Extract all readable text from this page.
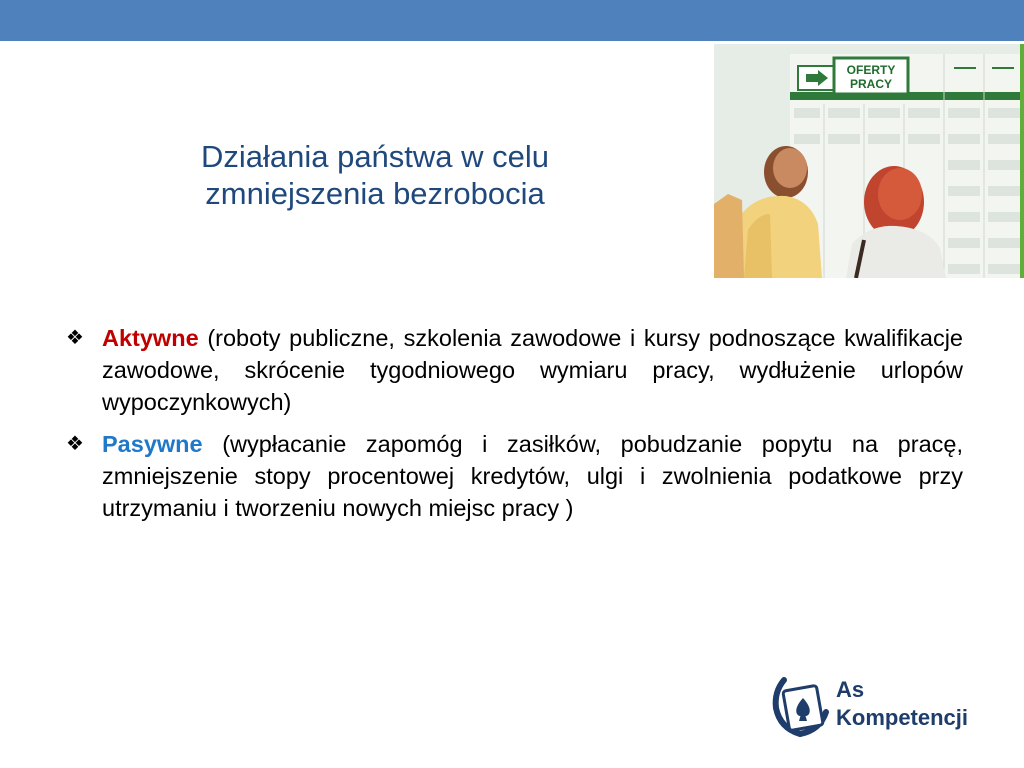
Działania państwa w celu
zmniejszenia bezrobocia
OFERTY
PRACY
❖ Aktywne (roboty publiczne, szkolenia zawodowe i kursy podnoszące kwalifikacje zawodowe, skrócenie tygodniowego wymiaru pracy, wydłużenie urlopów wypoczynkowych)
❖ Pasywne (wypłacanie zapomóg i zasiłków, pobudzanie popytu na pracę, zmniejszenie stopy procentowej kredytów, ulgi i zwolnienia podatkowe przy utrzymaniu i tworzeniu nowych miejsc pracy )
As
Kompetencji
